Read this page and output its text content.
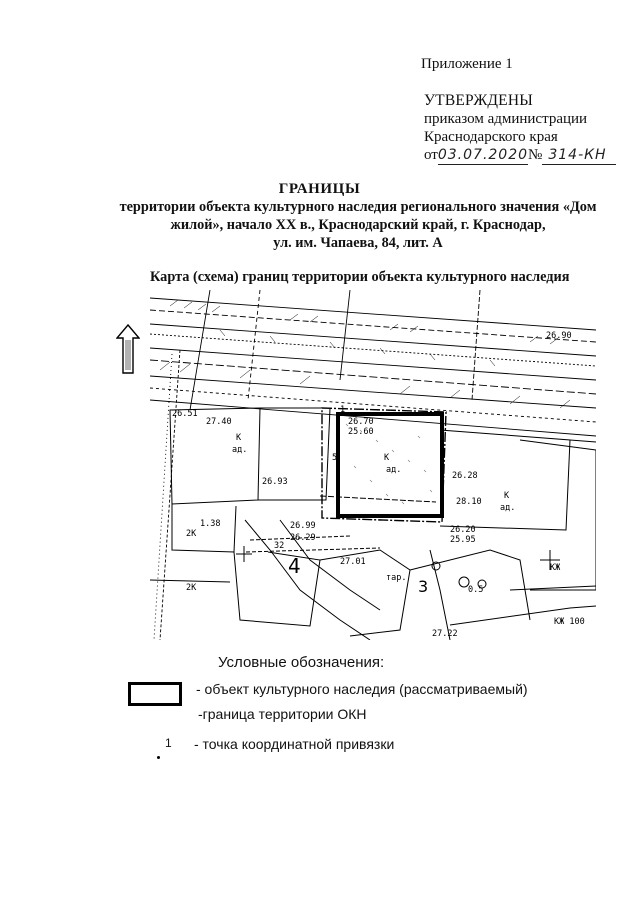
Приложение 1
УТВЕРЖДЕНЫ
приказом администрации
Краснодарского края
от03.07.2020№ 314-КН
ГРАНИЦЫ
территории объекта культурного наследия регионального значения «Дом
жилой», начало XX в., Краснодарский край, г. Краснодар,
ул. им. Чапаева, 84, лит. А
Карта (схема) границ территории объекта культурного наследия
К
ад.
К
ад.
К
ад.
КЖ
КЖ 100
2К
2К
тар.
5
1
26.70
25.60
26.28
28.10
26.20
25.95
26.51
26.93
27.40
26.90
27.01
27.22
26.99
26.29
32
1.38
0.5
4
3
Условные обозначения:
- объект культурного наследия (рассматриваемый)
-граница территории ОКН
1 - точка координатной привязки
